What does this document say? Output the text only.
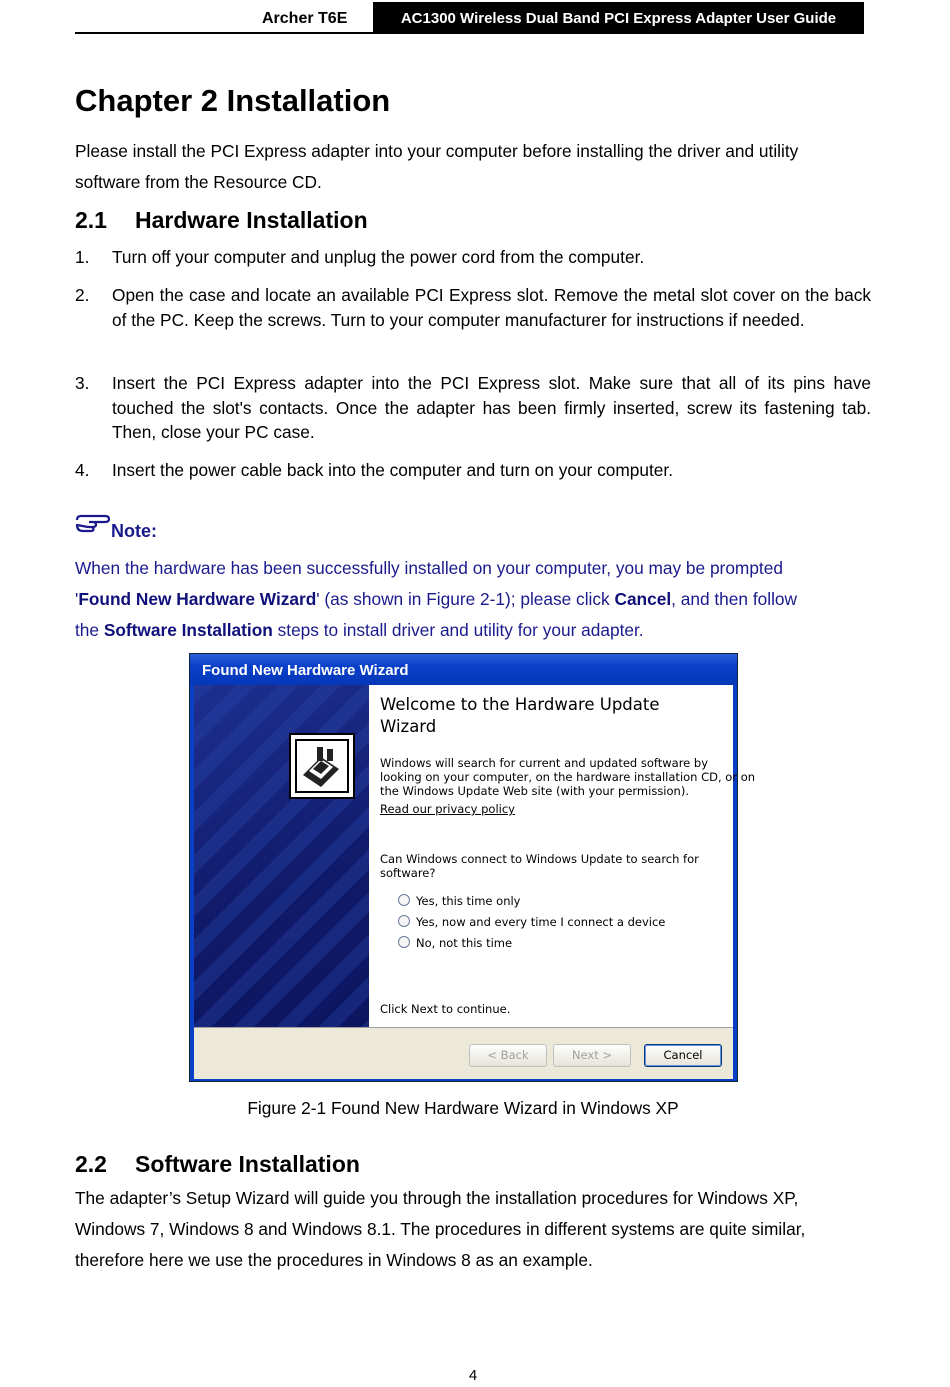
Archer T6E	AC1300 Wireless Dual Band PCI Express Adapter User Guide
Chapter 2 Installation
Please install the PCI Express adapter into your computer before installing the driver and utility
software from the Resource CD.
2.1 Hardware Installation
1. Turn off your computer and unplug the power cord from the computer.
2. Open the case and locate an available PCI Express slot. Remove the metal slot cover on the back of the PC. Keep the screws. Turn to your computer manufacturer for instructions if needed.
3. Insert the PCI Express adapter into the PCI Express slot. Make sure that all of its pins have touched the slot's contacts. Once the adapter has been firmly inserted, screw its fastening tab. Then, close your PC case.
4. Insert the power cable back into the computer and turn on your computer.
Note:
When the hardware has been successfully installed on your computer, you may be prompted
'Found New Hardware Wizard' (as shown in Figure 2-1); please click Cancel, and then follow
the Software Installation steps to install driver and utility for your adapter.
Found New Hardware Wizard
Welcome to the Hardware Update Wizard
Windows will search for current and updated software by
looking on your computer, on the hardware installation CD, or on
the Windows Update Web site (with your permission).
Read our privacy policy
Can Windows connect to Windows Update to search for
software?
Yes, this time only
Yes, now and every time I connect a device
No, not this time
Click Next to continue.
< Back	Next >	Cancel
Figure 2-1 Found New Hardware Wizard in Windows XP
2.2 Software Installation
The adapter’s Setup Wizard will guide you through the installation procedures for Windows XP,
Windows 7, Windows 8 and Windows 8.1. The procedures in different systems are quite similar,
therefore here we use the procedures in Windows 8 as an example.
4
